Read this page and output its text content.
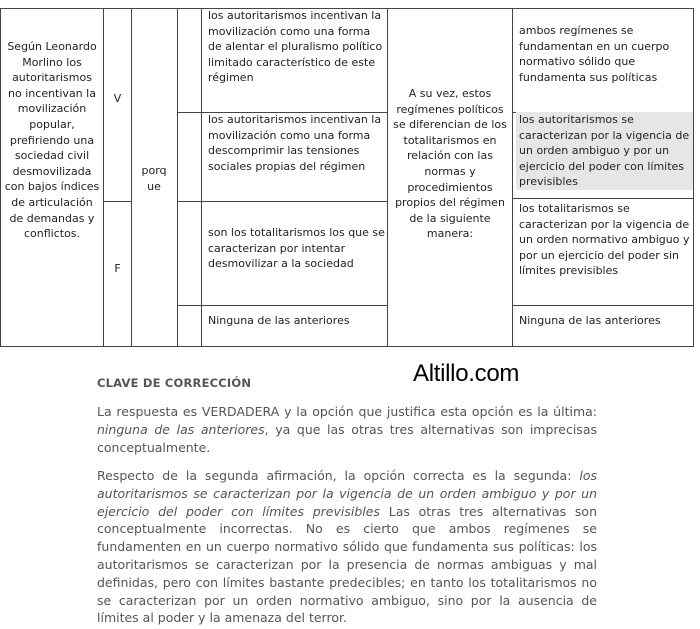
Según Leonardo Morlino los autoritarismos no incentivan la movilización popular, prefiriendo una sociedad civil desmovilizada con bajos índices de articulación de demandas y conflictos.
V
F
porq ue
los autoritarismos incentivan la movilización como una forma de alentar el pluralismo político limitado característico de este régimen
los autoritarismos incentivan la movilización como una forma descomprimir las tensiones sociales propias del régimen
son los totalitarismos los que se caracterizan por intentar desmovilizar a la sociedad
Ninguna de las anteriores
A su vez, estos regímenes políticos se diferencian de los totalitarismos en relación con las normas y procedimientos propios del régimen de la siguiente manera:
ambos regímenes se fundamentan en un cuerpo normativo sólido que fundamenta sus políticas
los autoritarismos se caracterizan por la vigencia de un orden ambiguo y por un ejercicio del poder con límites previsibles
los totalitarismos se caracterizan por la vigencia de un orden normativo ambiguo y por un ejercicio del poder sin límites previsibles
Ninguna de las anteriores
Altillo.com
CLAVE DE CORRECCIÓN
La respuesta es VERDADERA y la opción que justifica esta opción es la última: ninguna de las anteriores, ya que las otras tres alternativas son imprecisas conceptualmente.
Respecto de la segunda afirmación, la opción correcta es la segunda: los autoritarismos se caracterizan por la vigencia de un orden ambiguo y por un ejercicio del poder con límites previsibles Las otras tres alternativas son conceptualmente incorrectas. No es cierto que ambos regímenes se fundamenten en un cuerpo normativo sólido que fundamenta sus políticas: los autoritarismos se caracterizan por la presencia de normas ambiguas y mal definidas, pero con límites bastante predecibles; en tanto los totalitarismos no se caracterizan por un orden normativo ambiguo, sino por la ausencia de límites al poder y la amenaza del terror.
